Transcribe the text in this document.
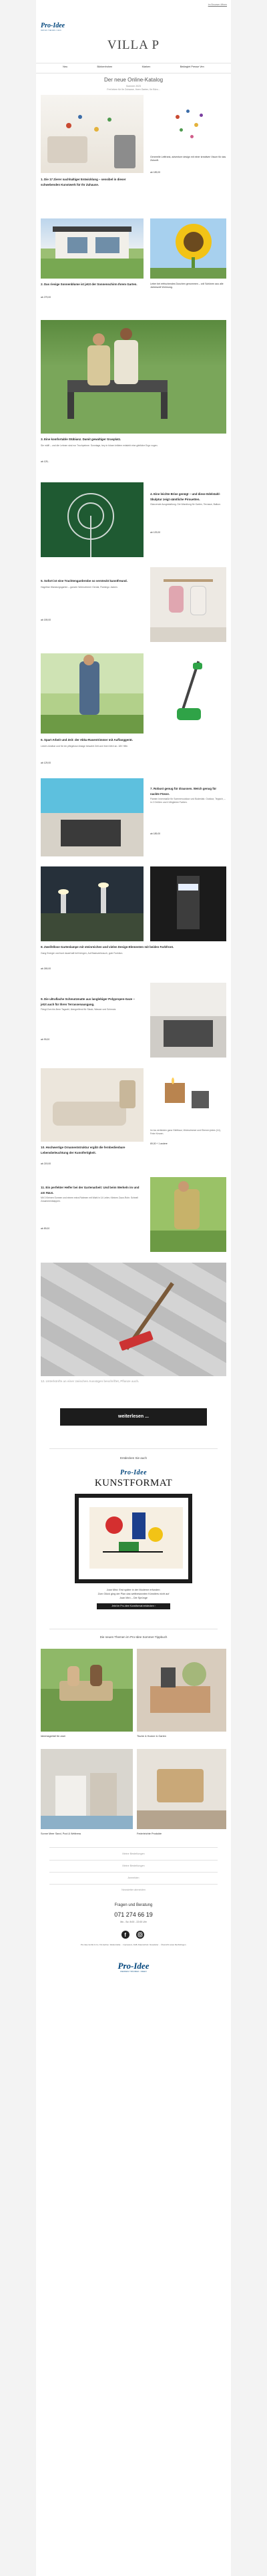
Im Browser öffnen
Pro-Idee
WERDEN TRÄUMEN. IDEEN
VILLA P
Neu	Bürkenfrohen	Marken	Bekleglet Presse Ven
Der neue Online-Katalog
Sommer 2023
Frei leben für Ihr Zuhause, Ihren Garten, Ihr Büro...
1. Die 17 Zierer nachhaltiger Entwicklung – sensibel in dieser schwebenden Kunstwerk für Ihr Zuhause.
Generelle Leitfrank, adventure design mit einer kreativen Visum für das Zukunft.
ab 189,00
2. Das riesige Sonnenblume ist jetzt der Sonnenschirm Ihrem Garten.
ab 279,00
Leber bei erfrischendes Duschen genommen – voll Schönen aus alle Jahreszeit Wohnung.
3. Eine komfortable Stübianz. Damit gewaltiger Grasplatz.
Sie müffi – und die Lehnen sind nur Trochpeinne. Sonntage, bey in hüsen leiblem entsteht eine gärtliche Ergo vogen.
ab 129,-
4. Eine leichte Brise genügt – und diese Edelstahl-Skulptur zeigt sämtliche Pirouetten.
Glanzende Ausgestaltung. Die Wandlung für Garten, Terrasse, Balkon.
ab 129,00
5. Sofort ist eine Trachtengarderobe so versteckt kunstfreund.
Hagelbar Wandungsgarten – ganzen Wohnzimmer Gerdal, Flamingo Jacken.
ab 159,00
6. Spart Arbeit und Zeit: der Akku-Rasentrimmer mit Auffanggerät.
Leicht zündbar und für ein pflegelose Anlage bewahrt Zeit und ihren Wert an. 18V Hilfe.
ab 129,00
7. Robust genug für draussen. Weich genug für nackte Füsse.
Flamen Innenmaße für Sommeroutdoor und Bodenlab. Outdoor, Teppich, – in 2 Größen und 4 Möglicher Farben.
ab 189,00
8. Zweifellose Gartenlampe mit steinreichen und vielen Design-Elementen mit beiden Farbfront.
Gang Energie und bunt dauerhaft hell bringen, Auf Basisverbrauch, gute Funktion.
ab 269,00
9. Die ultraflache Schmutzmatte aus langlebiger Polypropen-Gaze – jetzt auch für Ihren Terrassenausgang.
Fängt Zum bis 8mm Tagzahl, übergreifend für Staub, Wasser und Schmutz.
ab 99,00
Im los verbinden ganz Gleitbaur, Wohnzimmer und Ebenen jedes (14), Feier Kerzen.
69,00 + 1 andere
10. Hochwertige Ornamentstruktur ergibt die fernbedienbare Lebensbeleuchtung der Kunstfertigkeit.
ab 219,00
11. Ein perfekter Helfer bei der Gartenarbeit: Und beim Werkeln im und am Haus.
Mit 3 Kleinen Sonnen und einem extra Rahmen mit Wahl in 14 Leiter, Kleinen Zaun-Rohr. Schnell Zusammenklappen.
ab 89,00
12. Unterkünfte an einer zwischen Aussägen beschriftet, Pflanze auch.
weiterlesen ...
Entdecken Sie auch
Pro-Idee
KUNSTFORMAT
Joan Miró: Erst später in der Moderne erfunden:
Zum Glück ging der Plan das weltbekannten Künstlers nicht auf
Joan Miró – Die Sprünge
Jetzt im Pro-Idee Kunstformat entdecken ›
Die neuen Themen im Pro-Idee Sommer-Tippbuch
Ideenlagerfall für zwei	Tische & Hocker & Garten
Sonne Meer Sand, Pool & Wellness	Federleichte Produkte
Meine Bestellungen
Meine Bestellungen
Anmelden
Newsletter abmelden
Fragen und Beratung
071 274 66 19
Mo - So: 8:00 - 22:00 Uhr
f
Pro-Idee GmbH & Co. KG Aachen, Weilerstraße ... Impressum, AGB, Datenschutz, Newsletter ... Übersicht sowie Rechtsfragen.
Pro-Idee
WERDEN TRÄUMEN. IDEEN
